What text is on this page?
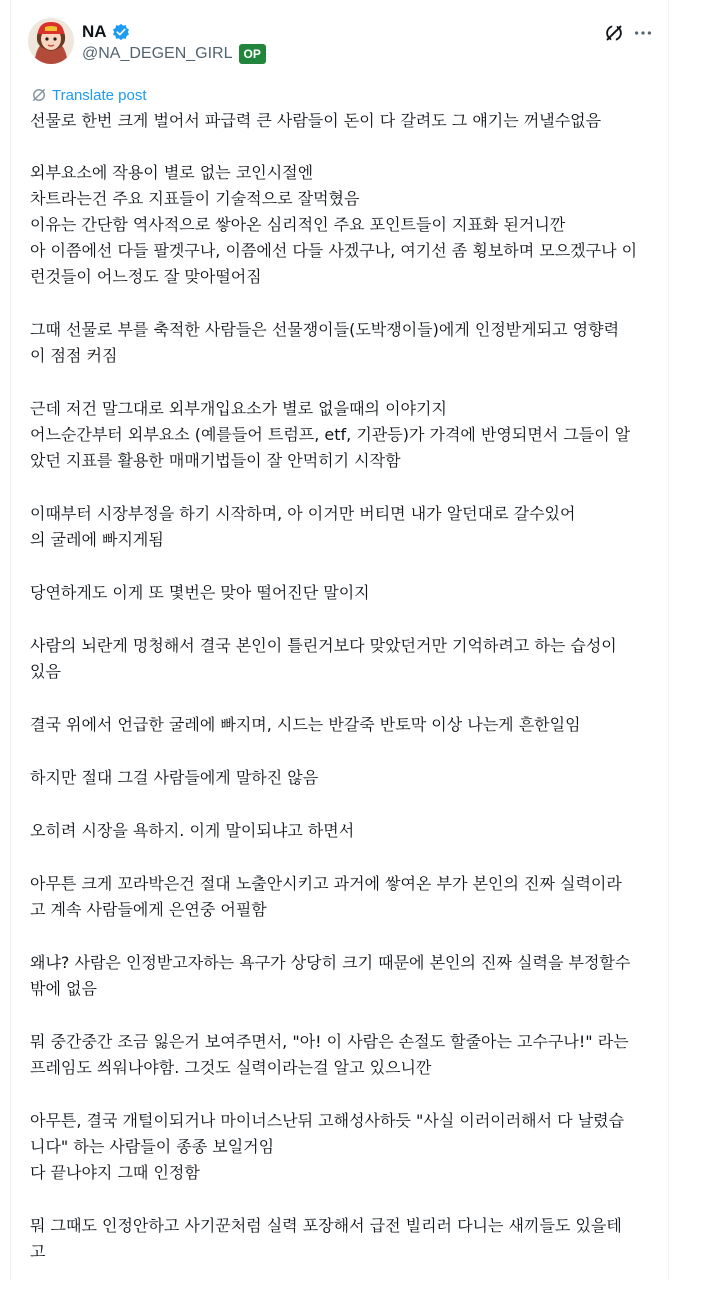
NA
@NA_DEGEN_GIRL OP
Translate post

선물로 한번 크게 벌어서 파급력 큰 사람들이 돈이 다 갈려도 그 얘기는 꺼낼수없음

외부요소에 작용이 별로 없는 코인시절엔
차트라는건 주요 지표들이 기술적으로 잘먹혔음
이유는 간단함 역사적으로 쌓아온 심리적인 주요 포인트들이 지표화 된거니깐
아 이쯤에선 다들 팔겟구나, 이쯤에선 다들 사겠구나, 여기선 좀 횡보하며 모으겠구나 이
런것들이 어느정도 잘 맞아떨어짐

그때 선물로 부를 축적한 사람들은 선물쟁이들(도박쟁이들)에게 인정받게되고 영향력
이 점점 커짐

근데 저건 말그대로 외부개입요소가 별로 없을때의 이야기지
어느순간부터 외부요소 (예를들어 트럼프, etf, 기관등)가 가격에 반영되면서 그들이 알
았던 지표를 활용한 매매기법들이 잘 안먹히기 시작함

이때부터 시장부정을 하기 시작하며, 아 이거만 버티면 내가 알던대로 갈수있어
의 굴레에 빠지게됨

당연하게도 이게 또 몇번은 맞아 떨어진단 말이지

사람의 뇌란게 멍청해서 결국 본인이 틀린거보다 맞았던거만 기억하려고 하는 습성이
있음

결국 위에서 언급한 굴레에 빠지며, 시드는 반갈죽 반토막 이상 나는게 흔한일임

하지만 절대 그걸 사람들에게 말하진 않음

오히려 시장을 욕하지. 이게 말이되냐고 하면서

아무튼 크게 꼬라박은건 절대 노출안시키고 과거에 쌓여온 부가 본인의 진짜 실력이라
고 계속 사람들에게 은연중 어필함

왜냐? 사람은 인정받고자하는 욕구가 상당히 크기 때문에 본인의 진짜 실력을 부정할수
밖에 없음

뭐 중간중간 조금 잃은거 보여주면서, "아! 이 사람은 손절도 할줄아는 고수구나!" 라는
프레임도 씌워나야함. 그것도 실력이라는걸 알고 있으니깐

아무튼, 결국 개털이되거나 마이너스난뒤 고해성사하듯 "사실 이러이러해서 다 날렸습
니다" 하는 사람들이 종종 보일거임
다 끝나야지 그때 인정함

뭐 그때도 인정안하고 사기꾼처럼 실력 포장해서 급전 빌리러 다니는 새끼들도 있을테
고
